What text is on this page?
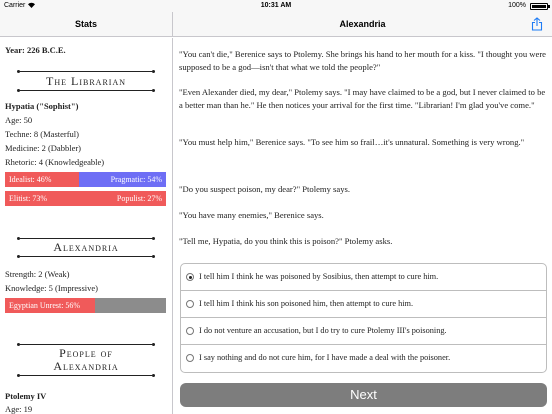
Carrier	10:31 AM	100%
Stats	Alexandria
Year: 226 B.C.E.
The Librarian
Hypatia ("Sophist")
Age: 50
Techne: 8 (Masterful)
Medicine: 2 (Dabbler)
Rhetoric: 4 (Knowledgeable)
Idealist: 46%	Pragmatic: 54%
Elitist: 73%	Populist: 27%
Alexandria
Strength: 2 (Weak)
Knowledge: 5 (Impressive)
Egyptian Unrest: 56%
People of
Alexandria
Ptolemy IV
Age: 19
"You can't die," Berenice says to Ptolemy. She brings his hand to her mouth for a kiss. "I thought you were supposed to be a god—isn't that what we told the people?"
"Even Alexander died, my dear," Ptolemy says. "I may have claimed to be a god, but I never claimed to be a better man than he." He then notices your arrival for the first time. "Librarian! I'm glad you've come."
"You must help him," Berenice says. "To see him so frail…it's unnatural. Something is very wrong."
"Do you suspect poison, my dear?" Ptolemy says.
"You have many enemies," Berenice says.
"Tell me, Hypatia, do you think this is poison?" Ptolemy asks.
I tell him I think he was poisoned by Sosibius, then attempt to cure him.
I tell him I think his son poisoned him, then attempt to cure him.
I do not venture an accusation, but I do try to cure Ptolemy III's poisoning.
I say nothing and do not cure him, for I have made a deal with the poisoner.
Next
